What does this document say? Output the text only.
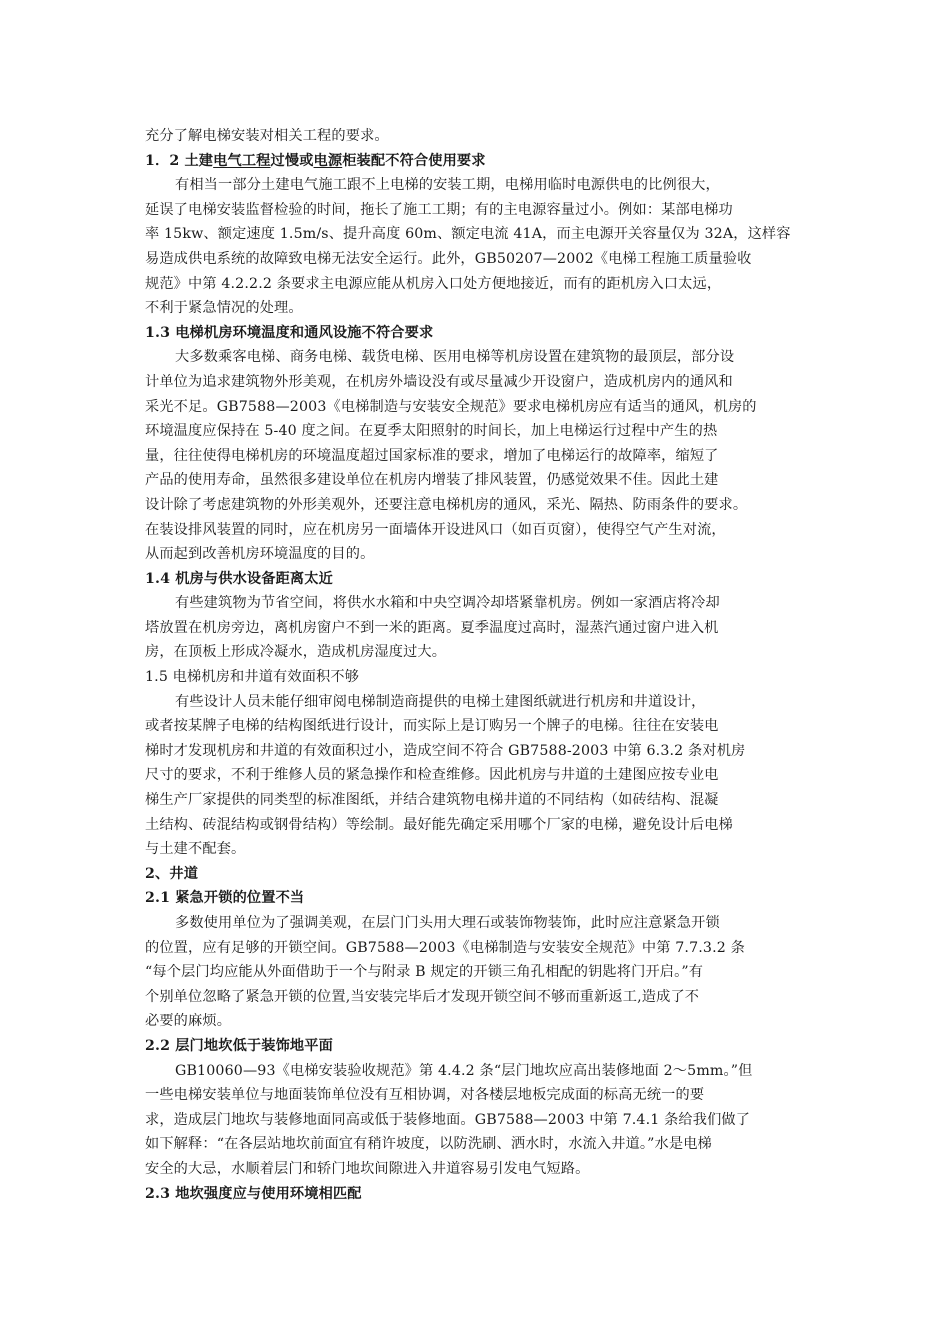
充分了解电梯安装对相关工程的要求。
1．2 土建电气工程过慢或电源柜装配不符合使用要求
有相当一部分土建电气施工跟不上电梯的安装工期，电梯用临时电源供电的比例很大，
延误了电梯安装监督检验的时间，拖长了施工工期；有的主电源容量过小。例如：某部电梯功
率 15kw、额定速度 1.5m/s、提升高度 60m、额定电流 41A，而主电源开关容量仅为 32A，这样容
易造成供电系统的故障致电梯无法安全运行。此外，GB50207—2002《电梯工程施工质量验收
规范》中第 4.2.2.2 条要求主电源应能从机房入口处方便地接近，而有的距机房入口太远，
不利于紧急情况的处理。
1.3 电梯机房环境温度和通风设施不符合要求
大多数乘客电梯、商务电梯、载货电梯、医用电梯等机房设置在建筑物的最顶层，部分设
计单位为追求建筑物外形美观，在机房外墙设没有或尽量减少开设窗户，造成机房内的通风和
采光不足。GB7588—2003《电梯制造与安装安全规范》要求电梯机房应有适当的通风，机房的
环境温度应保持在 5-40 度之间。在夏季太阳照射的时间长，加上电梯运行过程中产生的热
量，往往使得电梯机房的环境温度超过国家标准的要求，增加了电梯运行的故障率，缩短了
产品的使用寿命，虽然很多建设单位在机房内增装了排风装置，仍感觉效果不佳。因此土建
设计除了考虑建筑物的外形美观外，还要注意电梯机房的通风，采光、隔热、防雨条件的要求。
在装设排风装置的同时，应在机房另一面墙体开设进风口（如百页窗），使得空气产生对流，
从而起到改善机房环境温度的目的。
1.4 机房与供水设备距离太近
有些建筑物为节省空间，将供水水箱和中央空调冷却塔紧靠机房。例如一家酒店将冷却
塔放置在机房旁边，离机房窗户不到一米的距离。夏季温度过高时，湿蒸汽通过窗户进入机
房，在顶板上形成冷凝水，造成机房湿度过大。
1.5 电梯机房和井道有效面积不够
有些设计人员未能仔细审阅电梯制造商提供的电梯土建图纸就进行机房和井道设计，
或者按某牌子电梯的结构图纸进行设计，而实际上是订购另一个牌子的电梯。往往在安装电
梯时才发现机房和井道的有效面积过小，造成空间不符合 GB7588-2003 中第 6.3.2 条对机房
尺寸的要求，不利于维修人员的紧急操作和检查维修。因此机房与井道的土建图应按专业电
梯生产厂家提供的同类型的标准图纸，并结合建筑物电梯井道的不同结构（如砖结构、混凝
土结构、砖混结构或钢骨结构）等绘制。最好能先确定采用哪个厂家的电梯，避免设计后电梯
与土建不配套。
2、井道
2.1 紧急开锁的位置不当
多数使用单位为了强调美观，在层门门头用大理石或装饰物装饰，此时应注意紧急开锁
的位置，应有足够的开锁空间。GB7588—2003《电梯制造与安装安全规范》中第 7.7.3.2 条
“每个层门均应能从外面借助于一个与附录 B 规定的开锁三角孔相配的钥匙将门开启。”有
个别单位忽略了紧急开锁的位置,当安装完毕后才发现开锁空间不够而重新返工,造成了不
必要的麻烦。
2.2 层门地坎低于装饰地平面
GB10060—93《电梯安装验收规范》第 4.4.2 条“层门地坎应高出装修地面 2～5mm。”但
一些电梯安装单位与地面装饰单位没有互相协调，对各楼层地板完成面的标高无统一的要
求，造成层门地坎与装修地面同高或低于装修地面。GB7588—2003 中第 7.4.1 条给我们做了
如下解释：“在各层站地坎前面宜有稍许坡度，以防洗刷、洒水时，水流入井道。”水是电梯
安全的大忌，水顺着层门和轿门地坎间隙进入井道容易引发电气短路。
2.3 地坎强度应与使用环境相匹配
